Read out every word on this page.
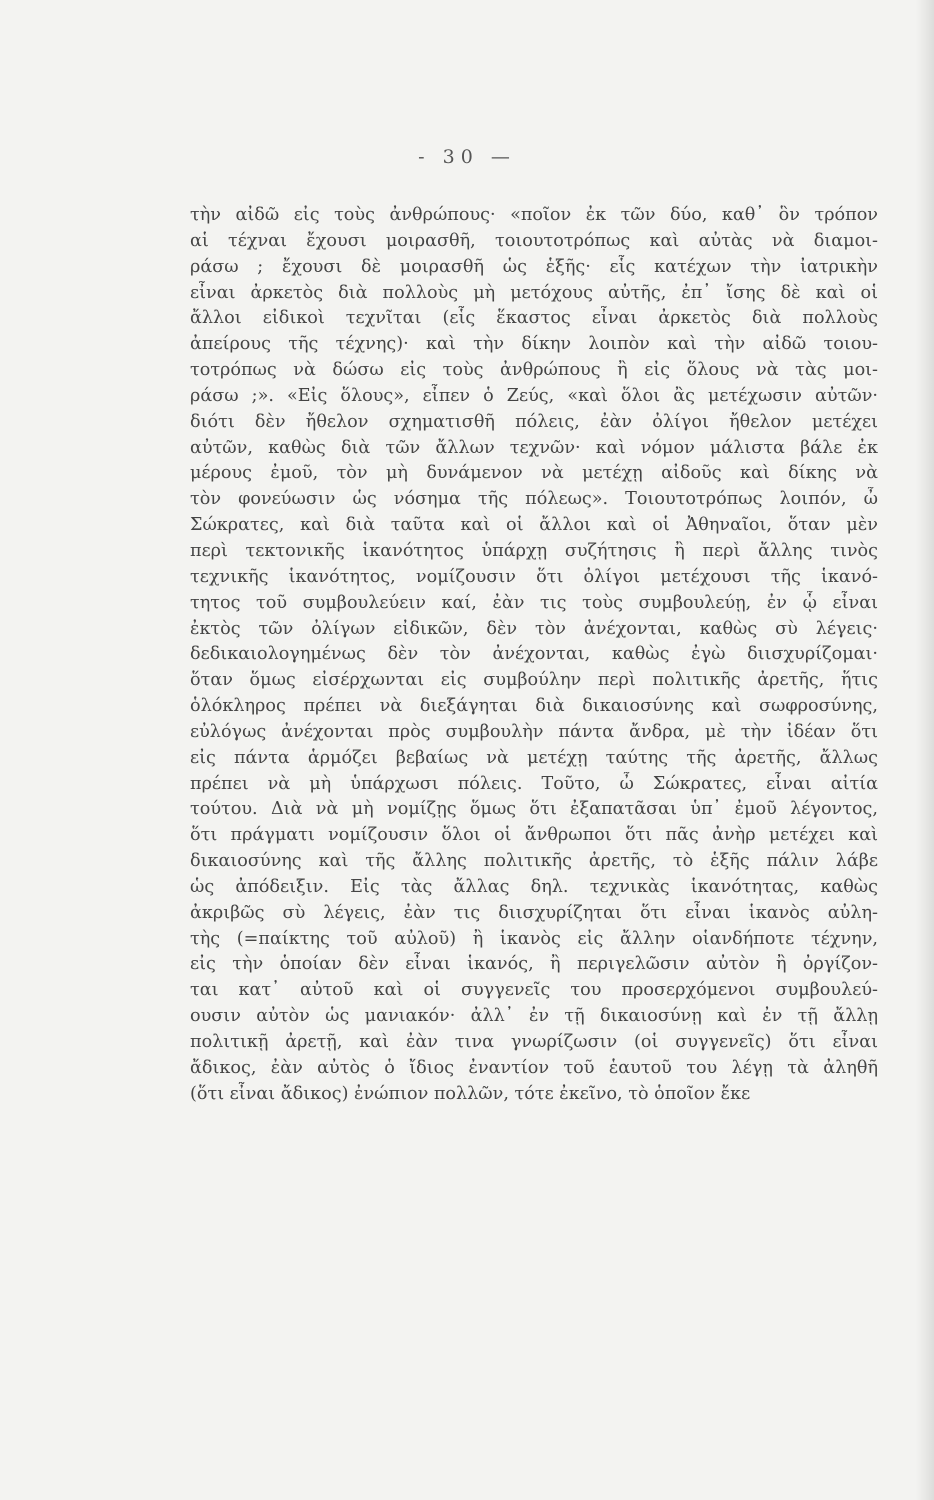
- 30 —
τὴν αἰδῶ εἰς τοὺς ἀνθρώπους· «ποῖον ἐκ τῶν δύο, καθ᾽ ὃν τρόπον
αἱ τέχναι ἔχουσι μοιρασθῆ, τοιουτοτρόπως καὶ αὐτὰς νὰ διαμοι-
ράσω ; ἔχουσι δὲ μοιρασθῆ ὡς ἑξῆς· εἷς κατέχων τὴν ἰατρικὴν
εἶναι ἀρκετὸς διὰ πολλοὺς μὴ μετόχους αὐτῆς, ἐπ᾽ ἴσης δὲ καὶ οἱ
ἄλλοι εἰδικοὶ τεχνῖται (εἷς ἕκαστος εἶναι ἀρκετὸς διὰ πολλοὺς
ἀπείρους τῆς τέχνης)· καὶ τὴν δίκην λοιπὸν καὶ τὴν αἰδῶ τοιου-
τοτρόπως νὰ δώσω εἰς τοὺς ἀνθρώπους ἢ εἰς ὅλους νὰ τὰς μοι-
ράσω ;». «Εἰς ὅλους», εἶπεν ὁ Ζεύς, «καὶ ὅλοι ἂς μετέχωσιν αὐτῶν·
διότι δὲν ἤθελον σχηματισθῆ πόλεις, ἐὰν ὀλίγοι ἤθελον μετέχει
αὐτῶν, καθὼς διὰ τῶν ἄλλων τεχνῶν· καὶ νόμον μάλιστα βάλε ἐκ
μέρους ἐμοῦ, τὸν μὴ δυνάμενον νὰ μετέχῃ αἰδοῦς καὶ δίκης νὰ
τὸν φονεύωσιν ὡς νόσημα τῆς πόλεως». Τοιουτοτρόπως λοιπόν, ὦ
Σώκρατες, καὶ διὰ ταῦτα καὶ οἱ ἄλλοι καὶ οἱ Ἀθηναῖοι, ὅταν μὲν
περὶ τεκτονικῆς ἱκανότητος ὑπάρχῃ συζήτησις ἢ περὶ ἄλλης τινὸς
τεχνικῆς ἱκανότητος, νομίζουσιν ὅτι ὀλίγοι μετέχουσι τῆς ἱκανό-
τητος τοῦ συμβουλεύειν καί, ἐὰν τις τοὺς συμβουλεύῃ, ἐν ᾧ εἶναι
ἐκτὸς τῶν ὀλίγων εἰδικῶν, δὲν τὸν ἀνέχονται, καθὼς σὺ λέγεις·
δεδικαιολογημένως δὲν τὸν ἀνέχονται, καθὼς ἐγὼ διισχυρίζομαι·
ὅταν ὅμως εἰσέρχωνται εἰς συμβούλην περὶ πολιτικῆς ἀρετῆς, ἥτις
ὁλόκληρος πρέπει νὰ διεξάγηται διὰ δικαιοσύνης καὶ σωφροσύνης,
εὐλόγως ἀνέχονται πρὸς συμβουλὴν πάντα ἄνδρα, μὲ τὴν ἰδέαν ὅτι
εἰς πάντα ἁρμόζει βεβαίως νὰ μετέχῃ ταύτης τῆς ἀρετῆς, ἄλλως
πρέπει νὰ μὴ ὑπάρχωσι πόλεις. Τοῦτο, ὦ Σώκρατες, εἶναι αἰτία
τούτου. Διὰ νὰ μὴ νομίζῃς ὅμως ὅτι ἐξαπατᾶσαι ὑπ᾽ ἐμοῦ λέγοντος,
ὅτι πράγματι νομίζουσιν ὅλοι οἱ ἄνθρωποι ὅτι πᾶς ἀνὴρ μετέχει καὶ
δικαιοσύνης καὶ τῆς ἄλλης πολιτικῆς ἀρετῆς, τὸ ἑξῆς πάλιν λάβε
ὡς ἀπόδειξιν. Εἰς τὰς ἄλλας δηλ. τεχνικὰς ἱκανότητας, καθὼς
ἀκριβῶς σὺ λέγεις, ἐὰν τις διισχυρίζηται ὅτι εἶναι ἱκανὸς αὐλη-
τὴς (=παίκτης τοῦ αὐλοῦ) ἢ ἱκανὸς εἰς ἄλλην οἱανδήποτε τέχνην,
εἰς τὴν ὁποίαν δὲν εἶναι ἱκανός, ἢ περιγελῶσιν αὐτὸν ἢ ὀργίζον-
ται κατ᾽ αὐτοῦ καὶ οἱ συγγενεῖς του προσερχόμενοι συμβουλεύ-
ουσιν αὐτὸν ὡς μανιακόν· ἀλλ᾽ ἐν τῇ δικαιοσύνῃ καὶ ἐν τῇ ἄλλῃ
πολιτικῇ ἀρετῇ, καὶ ἐὰν τινα γνωρίζωσιν (οἱ συγγενεῖς) ὅτι εἶναι
ἄδικος, ἐὰν αὐτὸς ὁ ἴδιος ἐναντίον τοῦ ἑαυτοῦ του λέγῃ τὰ ἀληθῆ
(ὅτι εἶναι ἄδικος) ἐνώπιον πολλῶν, τότε ἐκεῖνο, τὸ ὁποῖον ἔκε
